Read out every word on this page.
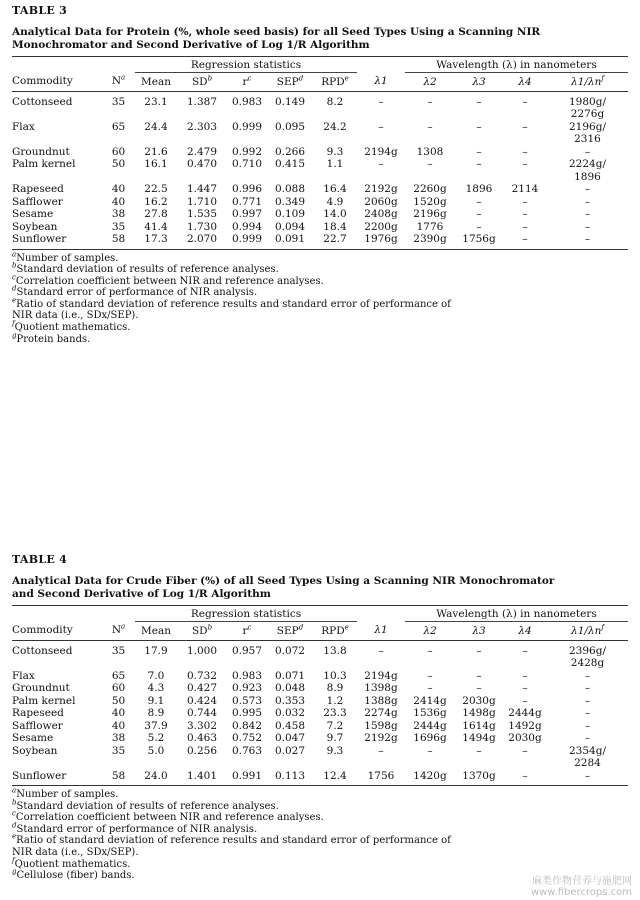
TABLE 3
Analytical Data for Protein (%, whole seed basis) for all Seed Types Using a Scanning NIR Monochromator and Second Derivative of Log 1/R Algorithm
		Regression statistics						Wavelength (λ) in nanometers			
Commodity	$N^a$	Mean	$SD^b$	$r^c$	SEP$^d$	RPD$^e$	λ1	λ2	λ3	λ4	$\lambda 1/\lambda n^f$

Cottonseed	35	23.1	1.387	0.983	0.149	8.2	–	–	–	–	1980g/
2276g

Flax	65	24.4	2.303	0.999	0.095	24.2	–	–	–	–	2196g/
2316

Groundnut	60	21.6	2.479	0.992	0.266	9.3	2194g	1308	–	–	–

Palm kernel	50	16.1	0.470	0.710	0.415	1.1	–	–	–	–	2224g/
1896

Rapeseed	40	22.5	1.447	0.996	0.088	16.4	2192g	2260g	1896	2114	–

Safflower	40	16.2	1.710	0.771	0.349	4.9	2060g	1520g	–	–	–

Sesame	38	27.8	1.535	0.997	0.109	14.0	2408g	2196g	–	–	–

Soybean	35	41.4	1.730	0.994	0.094	18.4	2200g	1776	–	–	–

Sunflower	58	17.3	2.070	0.999	0.091	22.7	1976g	2390g	1756g	–	–
$^a$Number of samples.
$^b$Standard deviation of results of reference analyses.
$^c$Correlation coefficient between NIR and reference analyses.
$^d$Standard error of performance of NIR analysis.
$^e$Ratio of standard deviation of reference results and standard error of performance of
NIR data (i.e., SDx/SEP).
$^f$Quotient mathematics.
$^g$Protein bands.
TABLE 4
Analytical Data for Crude Fiber (%) of all Seed Types Using a Scanning NIR Monochromator and Second Derivative of Log 1/R Algorithm
		Regression statistics						Wavelength (λ) in nanometers			
Commodity	$N^a$	Mean	$SD^b$	$r^c$	SEP$^d$	RPD$^e$	λ1	λ2	λ3	λ4	$\lambda 1/\lambda n^f$

Cottonseed	35	17.9	1.000	0.957	0.072	13.8	–	–	–	–	2396g/
2428g

Flax	65	7.0	0.732	0.983	0.071	10.3	2194g	–	–	–	–

Groundnut	60	4.3	0.427	0.923	0.048	8.9	1398g	–	–	–	–

Palm kernel	50	9.1	0.424	0.573	0.353	1.2	1388g	2414g	2030g	–	–

Rapeseed	40	8.9	0.744	0.995	0.032	23.3	2274g	1536g	1498g	2444g	–

Safflower	40	37.9	3.302	0.842	0.458	7.2	1598g	2444g	1614g	1492g	–

Sesame	38	5.2	0.463	0.752	0.047	9.7	2192g	1696g	1494g	2030g	–

Soybean	35	5.0	0.256	0.763	0.027	9.3	–	–	–	–	2354g/
2284

Sunflower	58	24.0	1.401	0.991	0.113	12.4	1756	1420g	1370g	–	–
$^a$Number of samples.
$^b$Standard deviation of results of reference analyses.
$^c$Correlation coefficient between NIR and reference analyses.
$^d$Standard error of performance of NIR analysis.
$^e$Ratio of standard deviation of reference results and standard error of performance of
NIR data (i.e., SDx/SEP).
$^f$Quotient mathematics.
$^g$Cellulose (fiber) bands.
麻类作物营养与施肥网
www.fibercrops.com
